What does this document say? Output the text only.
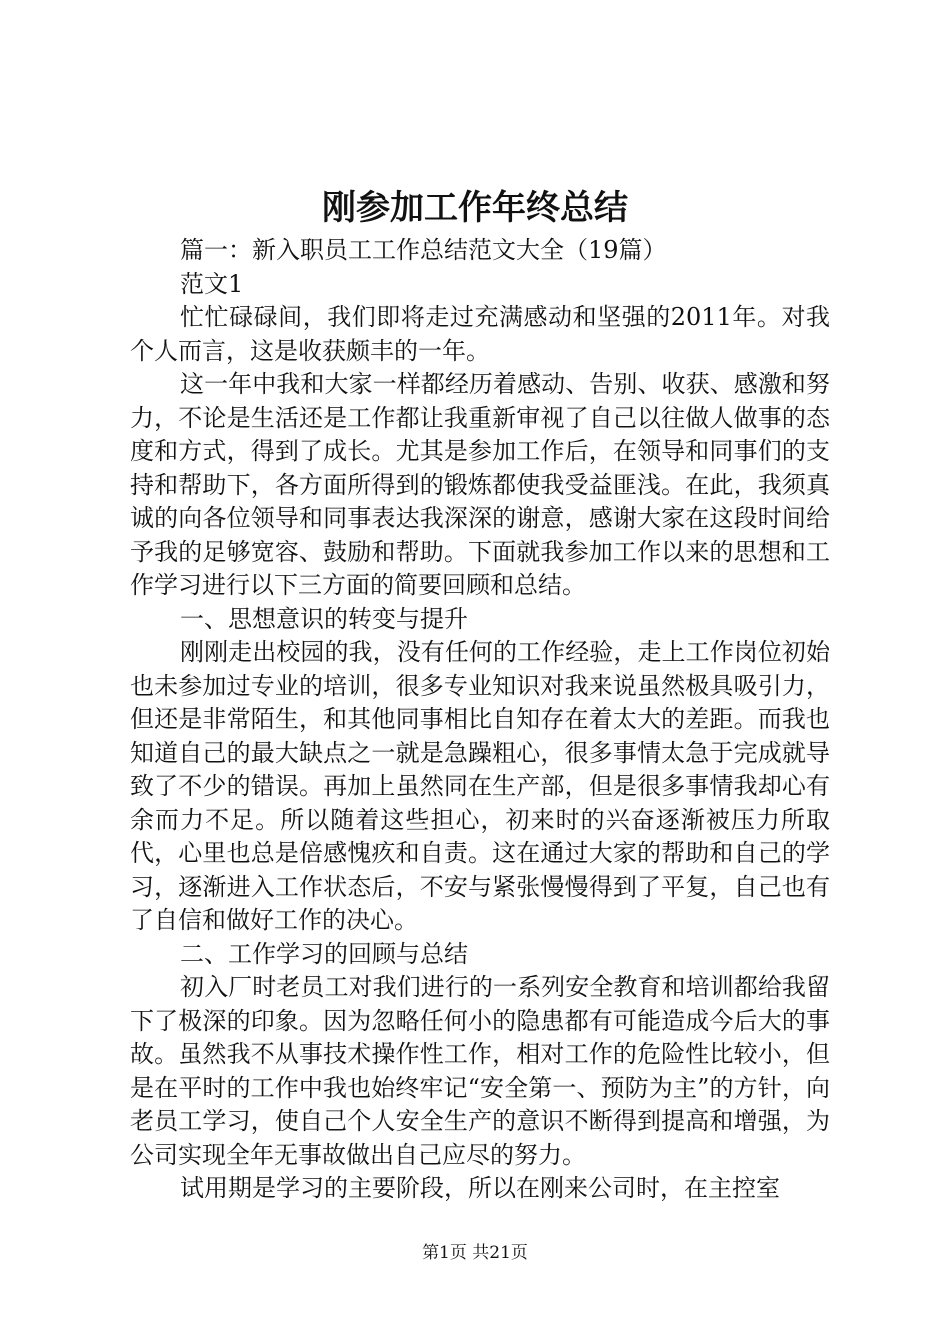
刚参加工作年终总结

篇一：新入职员工工作总结范文大全（19篇）

范文1

忙忙碌碌间，我们即将走过充满感动和坚强的2011年。对我个人而言，这是收获颇丰的一年。

这一年中我和大家一样都经历着感动、告别、收获、感激和努力，不论是生活还是工作都让我重新审视了自己以往做人做事的态度和方式，得到了成长。尤其是参加工作后，在领导和同事们的支持和帮助下，各方面所得到的锻炼都使我受益匪浅。在此，我须真诚的向各位领导和同事表达我深深的谢意，感谢大家在这段时间给予我的足够宽容、鼓励和帮助。下面就我参加工作以来的思想和工作学习进行以下三方面的简要回顾和总结。

一、思想意识的转变与提升

刚刚走出校园的我，没有任何的工作经验，走上工作岗位初始也未参加过专业的培训，很多专业知识对我来说虽然极具吸引力，但还是非常陌生，和其他同事相比自知存在着太大的差距。而我也知道自己的最大缺点之一就是急躁粗心，很多事情太急于完成就导致了不少的错误。再加上虽然同在生产部，但是很多事情我却心有余而力不足。所以随着这些担心，初来时的兴奋逐渐被压力所取代，心里也总是倍感愧疚和自责。这在通过大家的帮助和自己的学习，逐渐进入工作状态后，不安与紧张慢慢得到了平复，自己也有了自信和做好工作的决心。

二、工作学习的回顾与总结

初入厂时老员工对我们进行的一系列安全教育和培训都给我留下了极深的印象。因为忽略任何小的隐患都有可能造成今后大的事故。虽然我不从事技术操作性工作，相对工作的危险性比较小，但是在平时的工作中我也始终牢记“安全第一、预防为主”的方针，向老员工学习，使自己个人安全生产的意识不断得到提高和增强，为公司实现全年无事故做出自己应尽的努力。

试用期是学习的主要阶段，所以在刚来公司时，在主控室

第1页 共21页
